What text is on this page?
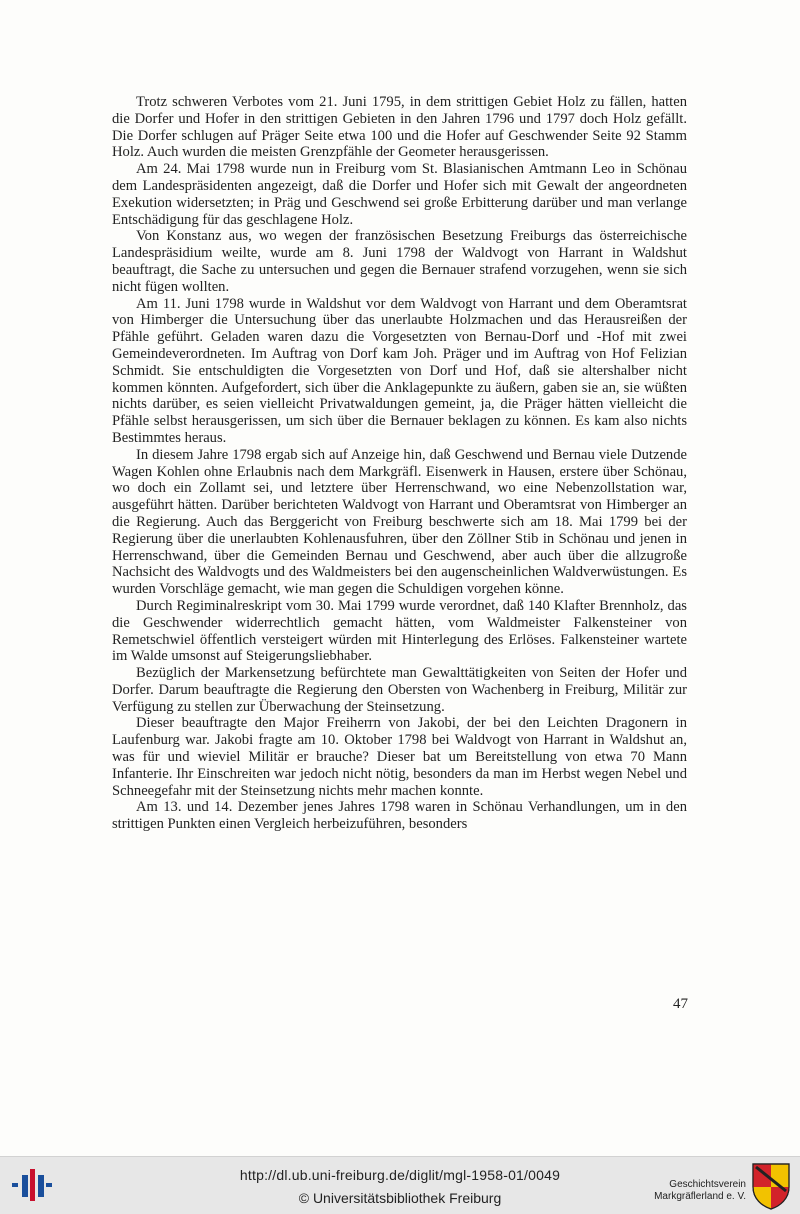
Trotz schweren Verbotes vom 21. Juni 1795, in dem strittigen Gebiet Holz zu fällen, hatten die Dorfer und Hofer in den strittigen Gebieten in den Jahren 1796 und 1797 doch Holz gefällt. Die Dorfer schlugen auf Präger Seite etwa 100 und die Hofer auf Geschwender Seite 92 Stamm Holz. Auch wurden die meisten Grenzpfähle der Geometer herausgerissen.

Am 24. Mai 1798 wurde nun in Freiburg vom St. Blasianischen Amtmann Leo in Schönau dem Landespräsidenten angezeigt, daß die Dorfer und Hofer sich mit Gewalt der angeordneten Exekution widersetzten; in Präg und Geschwend sei große Erbitterung darüber und man verlange Entschädigung für das geschlagene Holz.

Von Konstanz aus, wo wegen der französischen Besetzung Freiburgs das österreichische Landespräsidium weilte, wurde am 8. Juni 1798 der Waldvogt von Harrant in Waldshut beauftragt, die Sache zu untersuchen und gegen die Bernauer strafend vorzugehen, wenn sie sich nicht fügen wollten.

Am 11. Juni 1798 wurde in Waldshut vor dem Waldvogt von Harrant und dem Oberamtsrat von Himberger die Untersuchung über das unerlaubte Holzmachen und das Herausreißen der Pfähle geführt. Geladen waren dazu die Vorgesetzten von Bernau-Dorf und -Hof mit zwei Gemeindeverordneten. Im Auftrag von Dorf kam Joh. Präger und im Auftrag von Hof Felizian Schmidt. Sie entschuldigten die Vorgesetzten von Dorf und Hof, daß sie altershalber nicht kommen könnten. Aufgefordert, sich über die Anklagepunkte zu äußern, gaben sie an, sie wüßten nichts darüber, es seien vielleicht Privatwaldungen gemeint, ja, die Präger hätten vielleicht die Pfähle selbst herausgerissen, um sich über die Bernauer beklagen zu können. Es kam also nichts Bestimmtes heraus.

In diesem Jahre 1798 ergab sich auf Anzeige hin, daß Geschwend und Bernau viele Dutzende Wagen Kohlen ohne Erlaubnis nach dem Markgräfl. Eisenwerk in Hausen, erstere über Schönau, wo doch ein Zollamt sei, und letztere über Herrenschwand, wo eine Nebenzollstation war, ausgeführt hätten. Darüber berichteten Waldvogt von Harrant und Oberamtsrat von Himberger an die Regierung. Auch das Berggericht von Freiburg beschwerte sich am 18. Mai 1799 bei der Regierung über die unerlaubten Kohlenausfuhren, über den Zöllner Stib in Schönau und jenen in Herrenschwand, über die Gemeinden Bernau und Geschwend, aber auch über die allzugroße Nachsicht des Waldvogts und des Waldmeisters bei den augenscheinlichen Waldverwüstungen. Es wurden Vorschläge gemacht, wie man gegen die Schuldigen vorgehen könne.

Durch Regiminalreskript vom 30. Mai 1799 wurde verordnet, daß 140 Klafter Brennholz, das die Geschwender widerrechtlich gemacht hätten, vom Waldmeister Falkensteiner von Remetschwiel öffentlich versteigert würden mit Hinterlegung des Erlöses. Falkensteiner wartete im Walde umsonst auf Steigerungsliebhaber.

Bezüglich der Markensetzung befürchtete man Gewalttätigkeiten von Seiten der Hofer und Dorfer. Darum beauftragte die Regierung den Obersten von Wachenberg in Freiburg, Militär zur Verfügung zu stellen zur Überwachung der Steinsetzung.

Dieser beauftragte den Major Freiherrn von Jakobi, der bei den Leichten Dragonern in Laufenburg war. Jakobi fragte am 10. Oktober 1798 bei Waldvogt von Harrant in Waldshut an, was für und wieviel Militär er brauche? Dieser bat um Bereitstellung von etwa 70 Mann Infanterie. Ihr Einschreiten war jedoch nicht nötig, besonders da man im Herbst wegen Nebel und Schneegefahr mit der Steinsetzung nichts mehr machen konnte.

Am 13. und 14. Dezember jenes Jahres 1798 waren in Schönau Verhandlungen, um in den strittigen Punkten einen Vergleich herbeizuführen, besonders

47
http://dl.ub.uni-freiburg.de/diglit/mgl-1958-01/0049
© Universitätsbibliothek Freiburg
Geschichtsverein
Markgräflerland e. V.
